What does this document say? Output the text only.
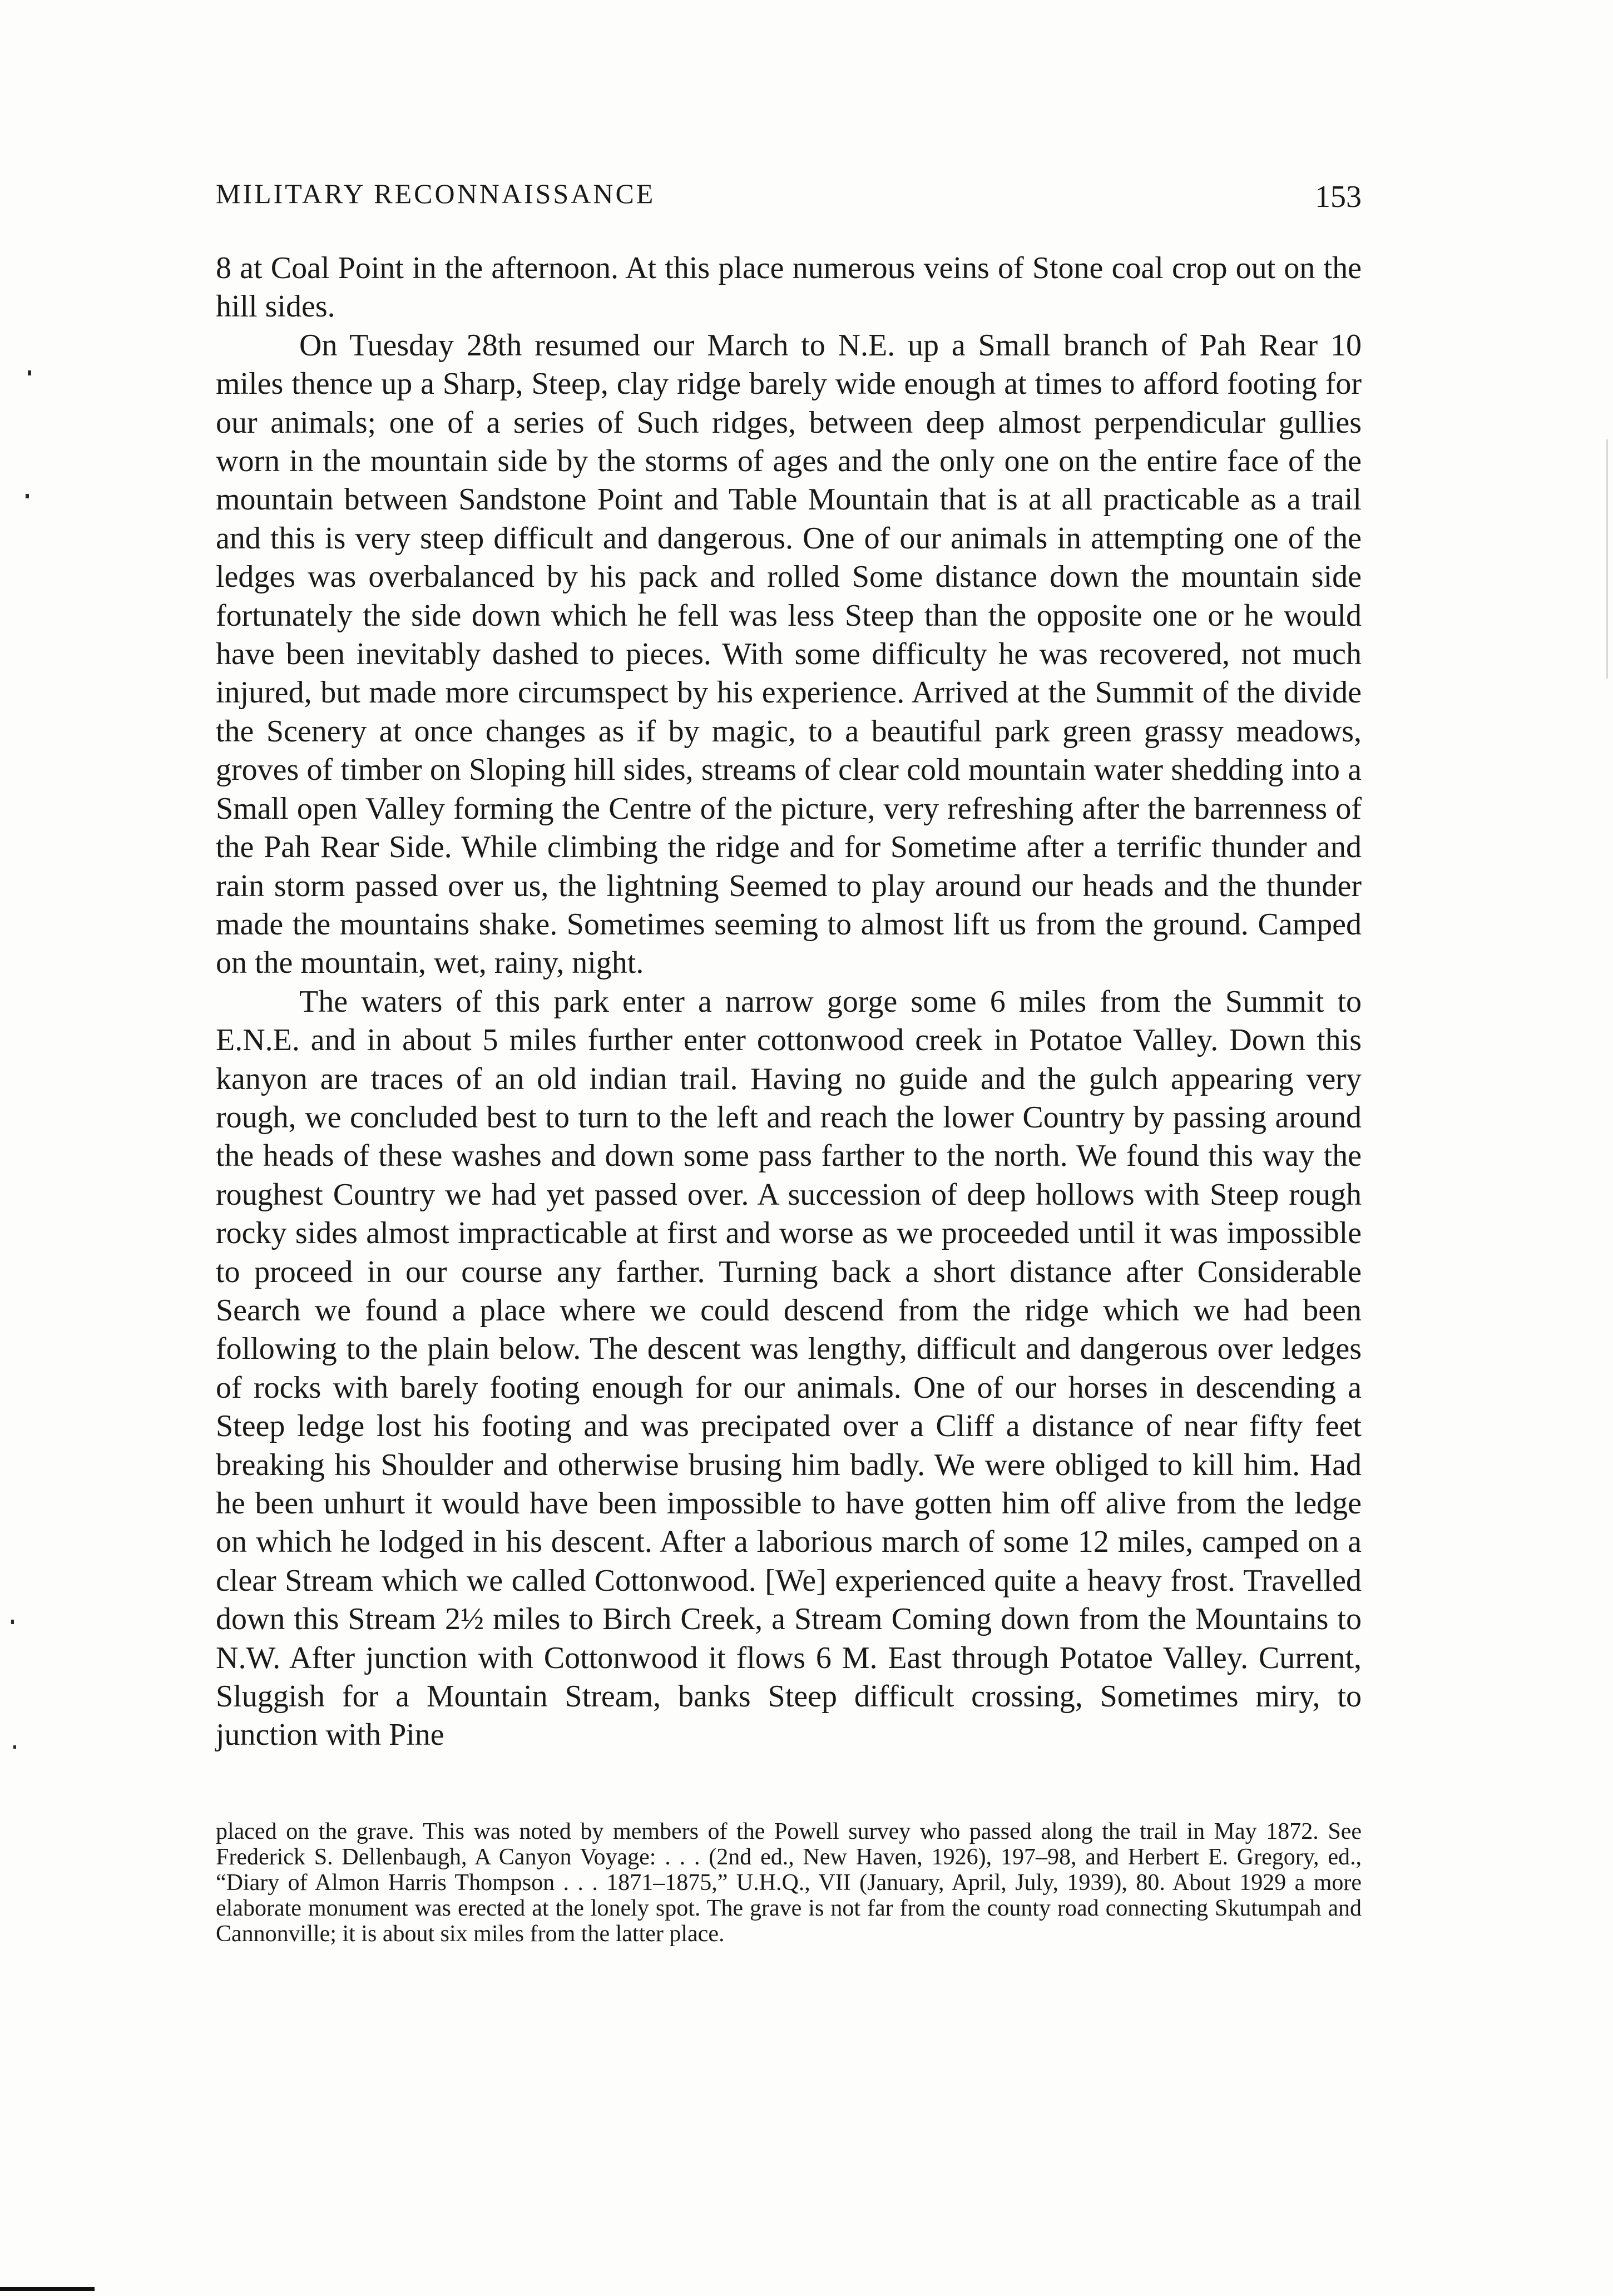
MILITARY RECONNAISSANCE	153

8 at Coal Point in the afternoon. At this place numerous veins of Stone coal crop out on the hill sides.

On Tuesday 28th resumed our March to N.E. up a Small branch of Pah Rear 10 miles thence up a Sharp, Steep, clay ridge barely wide enough at times to afford footing for our animals; one of a series of Such ridges, between deep almost perpendicular gullies worn in the mountain side by the storms of ages and the only one on the entire face of the mountain between Sandstone Point and Table Mountain that is at all practicable as a trail and this is very steep difficult and dangerous. One of our animals in attempting one of the ledges was overbalanced by his pack and rolled Some distance down the mountain side fortunately the side down which he fell was less Steep than the opposite one or he would have been inevitably dashed to pieces. With some difficulty he was recovered, not much injured, but made more circumspect by his experience. Arrived at the Summit of the divide the Scenery at once changes as if by magic, to a beautiful park green grassy meadows, groves of timber on Sloping hill sides, streams of clear cold mountain water shedding into a Small open Valley forming the Centre of the picture, very refreshing after the barrenness of the Pah Rear Side. While climbing the ridge and for Sometime after a terrific thunder and rain storm passed over us, the lightning Seemed to play around our heads and the thunder made the mountains shake. Sometimes seeming to almost lift us from the ground. Camped on the mountain, wet, rainy, night.

The waters of this park enter a narrow gorge some 6 miles from the Summit to E.N.E. and in about 5 miles further enter cottonwood creek in Potatoe Valley. Down this kanyon are traces of an old indian trail. Having no guide and the gulch appearing very rough, we concluded best to turn to the left and reach the lower Country by passing around the heads of these washes and down some pass farther to the north. We found this way the roughest Country we had yet passed over. A succession of deep hollows with Steep rough rocky sides almost impracticable at first and worse as we proceeded until it was impossible to proceed in our course any farther. Turning back a short distance after Considerable Search we found a place where we could descend from the ridge which we had been following to the plain below. The descent was lengthy, difficult and dangerous over ledges of rocks with barely footing enough for our animals. One of our horses in descending a Steep ledge lost his footing and was precipated over a Cliff a distance of near fifty feet breaking his Shoulder and otherwise brusing him badly. We were obliged to kill him. Had he been unhurt it would have been impossible to have gotten him off alive from the ledge on which he lodged in his descent. After a laborious march of some 12 miles, camped on a clear Stream which we called Cottonwood. [We] experienced quite a heavy frost. Travelled down this Stream 2½ miles to Birch Creek, a Stream Coming down from the Mountains to N.W. After junction with Cottonwood it flows 6 M. East through Potatoe Valley. Current, Sluggish for a Mountain Stream, banks Steep difficult crossing, Sometimes miry, to junction with Pine

placed on the grave. This was noted by members of the Powell survey who passed along the trail in May 1872. See Frederick S. Dellenbaugh, A Canyon Voyage: . . . (2nd ed., New Haven, 1926), 197–98, and Herbert E. Gregory, ed., “Diary of Almon Harris Thompson . . . 1871–1875,” U.H.Q., VII (January, April, July, 1939), 80. About 1929 a more elaborate monument was erected at the lonely spot. The grave is not far from the county road connecting Skutumpah and Cannonville; it is about six miles from the latter place.
